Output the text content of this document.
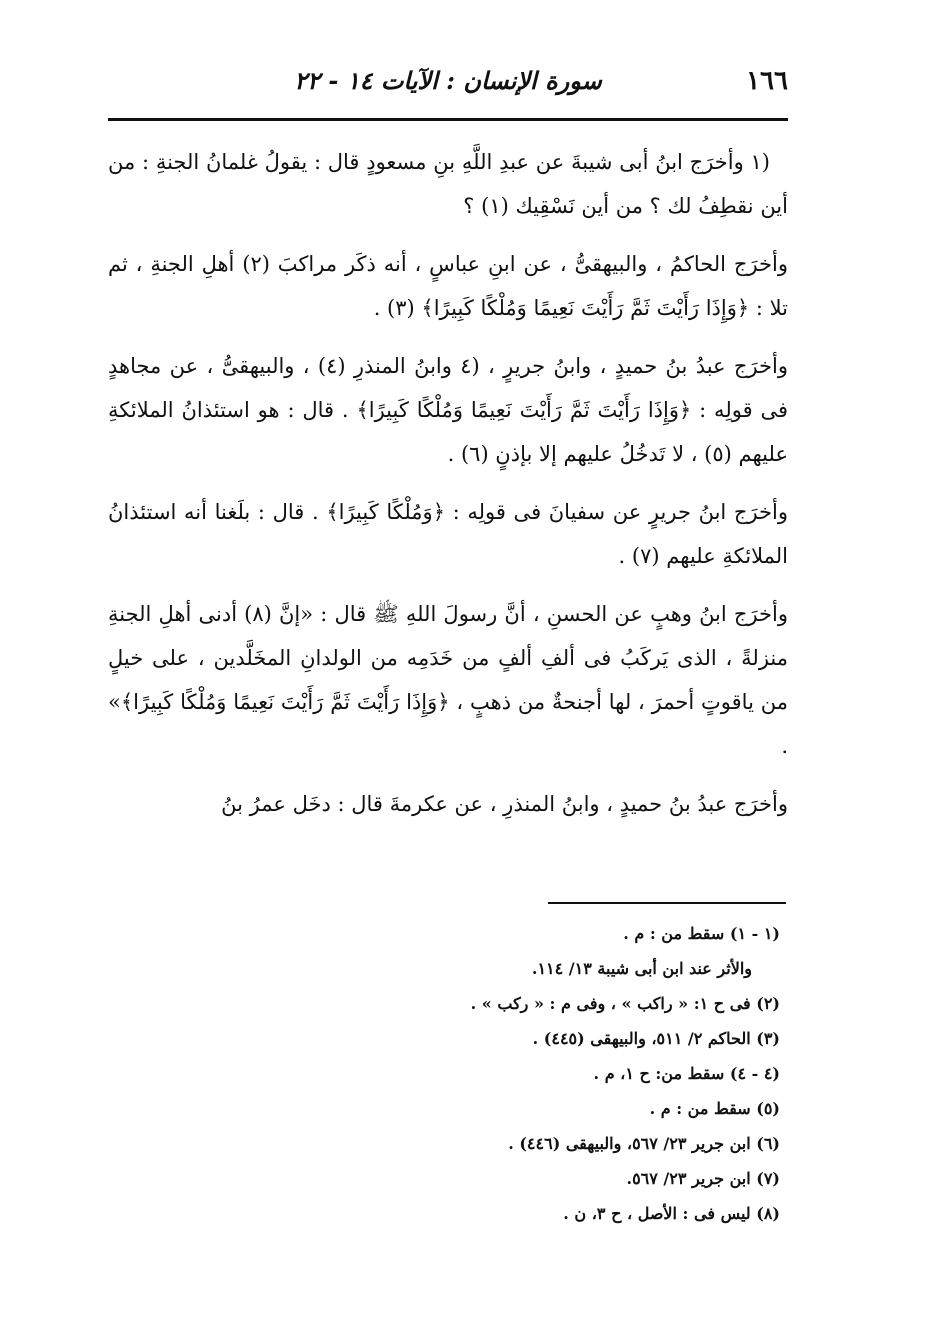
١٦٦
سورة الإنسان : الآيات ١٤ - ٢٢

(١ وأخرَج ابنُ أبى شيبةَ عن عبدِ اللَّهِ بنِ مسعودٍ قال : يقولُ غلمانُ الجنةِ : من أين نقطِفُ لك ؟ من أين نَسْقِيك (١) ؟

وأخرَج الحاكمُ ، والبيهقىُّ ، عن ابنِ عباسٍ ، أنه ذكَر مراكبَ (٢) أهلِ الجنةِ ، ثم تلا : ﴿وَإِذَا رَأَيْتَ ثَمَّ رَأَيْتَ نَعِيمًا وَمُلْكًا كَبِيرًا﴾ (٣) .

وأخرَج عبدُ بنُ حميدٍ ، وابنُ جريرٍ ، (٤ وابنُ المنذرِ (٤) ، والبيهقىُّ ، عن مجاهدٍ فى قولِه : ﴿وَإِذَا رَأَيْتَ ثَمَّ رَأَيْتَ نَعِيمًا وَمُلْكًا كَبِيرًا﴾ . قال : هو استئذانُ الملائكةِ عليهم (٥) ، لا تَدخُلُ عليهم إلا بإذنٍ (٦) .

وأخرَج ابنُ جريرٍ عن سفيانَ فى قولِه : ﴿وَمُلْكًا كَبِيرًا﴾ . قال : بلَغنا أنه استئذانُ الملائكةِ عليهم (٧) .

وأخرَج ابنُ وهبٍ عن الحسنِ ، أنَّ رسولَ اللهِ ﷺ قال : «إنَّ (٨) أدنى أهلِ الجنةِ منزلةً ، الذى يَركَبُ فى ألفِ ألفٍ من خَدَمِه من الولدانِ المخَلَّدين ، على خيلٍ من ياقوتٍ أحمرَ ، لها أجنحةٌ من ذهبٍ ، ﴿وَإِذَا رَأَيْتَ ثَمَّ رَأَيْتَ نَعِيمًا وَمُلْكًا كَبِيرًا﴾» .

وأخرَج عبدُ بنُ حميدٍ ، وابنُ المنذرِ ، عن عكرمةَ قال : دخَل عمرُ بنُ

(١ - ١) سقط من : م .
والأثر عند ابن أبى شيبة ١٣/ ١١٤.
(٢) فى ح ١: « راكب » ، وفى م : « ركب » .
(٣) الحاكم ٢/ ٥١١، والبيهقى (٤٤٥) .
(٤ - ٤) سقط من: ح ١، م .
(٥) سقط من : م .
(٦) ابن جرير ٢٣/ ٥٦٧، والبيهقى (٤٤٦) .
(٧) ابن جرير ٢٣/ ٥٦٧.
(٨) ليس فى : الأصل ، ح ٣، ن .
